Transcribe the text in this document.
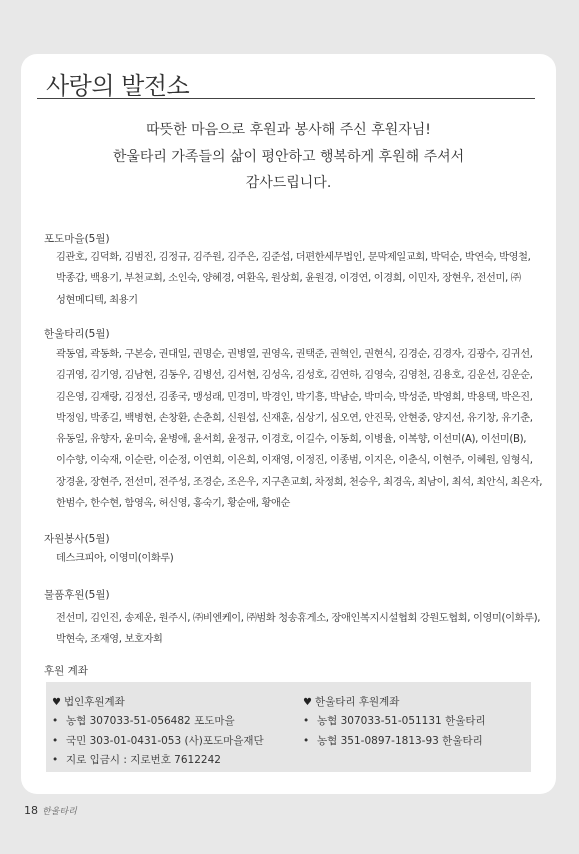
사랑의 발전소
따뜻한 마음으로 후원과 봉사해 주신 후원자님!
한울타리 가족들의 삶이 평안하고 행복하게 후원해 주셔서
감사드립니다.
포도마을(5월)
김관호, 김덕화, 김범진, 김정규, 김주원, 김주은, 김준섭, 더편한세무법인, 문막제일교회, 박덕순, 박연숙, 박영철, 박종갑, 백용기, 부천교회, 소인숙, 양혜경, 여환옥, 원상희, 윤원경, 이경연, 이경희, 이민자, 장현우, 전선미, ㈜성현메디텍, 최용기
한울타리(5월)
곽동엽, 곽동화, 구본승, 권대일, 권명순, 권병열, 권영옥, 권택준, 권혁인, 권현식, 김경순, 김경자, 김광수, 김귀선, 김귀영, 김기영, 김남현, 김동우, 김병선, 김서현, 김성옥, 김성호, 김연하, 김영숙, 김영천, 김용호, 김운선, 김운순, 김은영, 김재랑, 김정선, 김종국, 맹성래, 민경미, 박경인, 박기흥, 박남순, 박미숙, 박성준, 박영희, 박용택, 박은진, 박정임, 박종길, 백병현, 손창환, 손춘희, 신원섭, 신재훈, 심상기, 심오연, 안진묵, 안현중, 양지선, 유기창, 유기춘, 유동일, 유향자, 윤미숙, 윤병애, 윤서희, 윤정규, 이경호, 이길수, 이동희, 이병율, 이복향, 이선미(A), 이선미(B), 이수향, 이숙재, 이순란, 이순정, 이연희, 이은희, 이재영, 이정진, 이종범, 이지은, 이춘식, 이현주, 이혜원, 임형식, 장경윤, 장현주, 전선미, 전주성, 조경순, 조은우, 지구촌교회, 차정희, 천승우, 최경옥, 최남이, 최석, 최안식, 최은자, 한범수, 한수현, 함영옥, 허신영, 홍숙기, 황순애, 황애순
자원봉사(5월)
데스크피아, 이영미(이화루)
물품후원(5월)
전선미, 김인진, 송제운, 원주시, ㈜비엔케이, ㈜범화 청송휴게소, 장애인복지시설협회 강원도협회, 이영미(이화루), 박현숙, 조재영, 보호자회
후원 계좌
♥ 법인후원계좌
• 농협 307033-51-056482 포도마을
• 국민 303-01-0431-053 (사)포도마을재단
• 지로 입금시 : 지로번호 7612242
♥ 한울타리 후원계좌
• 농협 307033-51-051131 한울타리
• 농협 351-0897-1813-93 한울타리
18 한울타리
